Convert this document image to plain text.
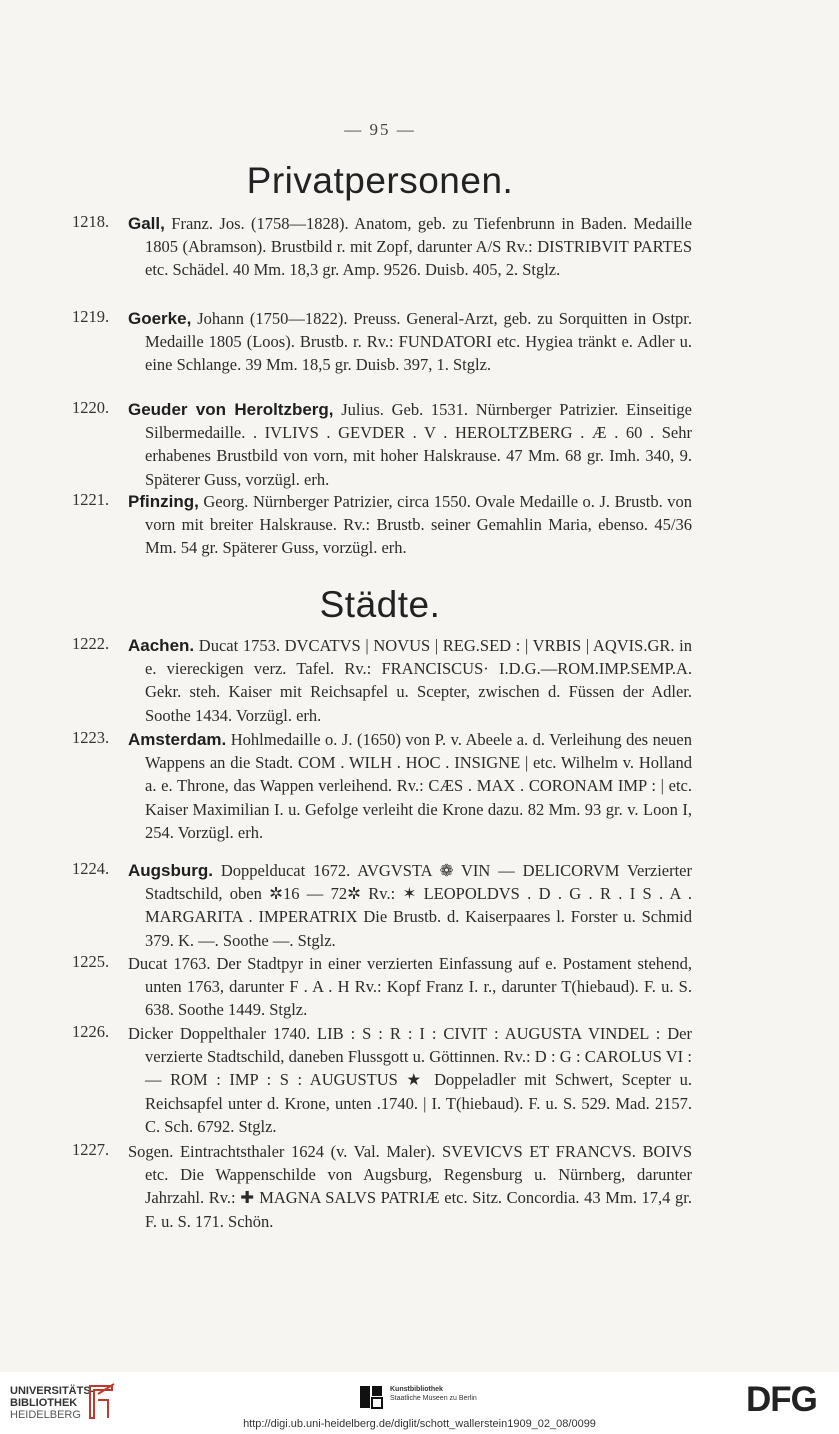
— 95 —
Privatpersonen.
1218.	Gall, Franz. Jos. (1758—1828). Anatom, geb. zu Tiefenbrunn in Baden. Medaille 1805 (Abramson). Brustbild r. mit Zopf, darunter A/S Rv.: DISTRIBVIT PARTES etc. Schädel. 40 Mm. 18,3 gr. Amp. 9526. Duisb. 405, 2. Stglz.
1219.	Goerke, Johann (1750—1822). Preuss. General-Arzt, geb. zu Sorquitten in Ostpr. Medaille 1805 (Loos). Brustb. r. Rv.: FUNDATORI etc. Hygiea tränkt e. Adler u. eine Schlange. 39 Mm. 18,5 gr. Duisb. 397, 1. Stglz.
1220.	Geuder von Heroltzberg, Julius. Geb. 1531. Nürnberger Patrizier. Einseitige Silbermedaille. . IVLIVS . GEVDER . V . HEROLTZBERG . Æ . 60 . Sehr erhabenes Brustbild von vorn, mit hoher Halskrause. 47 Mm. 68 gr. Imh. 340, 9. Späterer Guss, vorzügl. erh.
1221.	Pfinzing, Georg. Nürnberger Patrizier, circa 1550. Ovale Medaille o. J. Brustb. von vorn mit breiter Halskrause. Rv.: Brustb. seiner Gemahlin Maria, ebenso. 45/36 Mm. 54 gr. Späterer Guss, vorzügl. erh.
Städte.
1222.	Aachen. Ducat 1753. DVCATVS | NOVUS | REG.SED : | VRBIS | AQVIS.GR. in e. viereckigen verz. Tafel. Rv.: FRANCISCUS· I.D.G.—ROM.IMP.SEMP.A. Gekr. steh. Kaiser mit Reichsapfel u. Scepter, zwischen d. Füssen der Adler. Soothe 1434. Vorzügl. erh.
1223.	Amsterdam. Hohlmedaille o. J. (1650) von P. v. Abeele a. d. Verleihung des neuen Wappens an die Stadt. COM . WILH . HOC . INSIGNE | etc. Wilhelm v. Holland a. e. Throne, das Wappen verleihend. Rv.: CÆS . MAX . CORONAM IMP : | etc. Kaiser Maximilian I. u. Gefolge verleiht die Krone dazu. 82 Mm. 93 gr. v. Loon I, 254. Vorzügl. erh.
1224.	Augsburg. Doppelducat 1672. AVGVSTA ❁ VIN — DELICORVM Verzierter Stadtschild, oben ✲16 — 72✲ Rv.: ✶ LEOPOLDVS . D . G . R . I S . A . MARGARITA . IMPERATRIX Die Brustb. d. Kaiserpaares l. Forster u. Schmid 379. K. —. Soothe —. Stglz.
1225.	Ducat 1763. Der Stadtpyr in einer verzierten Einfassung auf e. Postament stehend, unten 1763, darunter F . A . H Rv.: Kopf Franz I. r., darunter T(hiebaud). F. u. S. 638. Soothe 1449. Stglz.
1226.	Dicker Doppelthaler 1740. LIB : S : R : I : CIVIT : AUGUSTA VINDEL : Der verzierte Stadtschild, daneben Flussgott u. Göttinnen. Rv.: D : G : CAROLUS VI : — ROM : IMP : S : AUGUSTUS ★ Doppeladler mit Schwert, Scepter u. Reichsapfel unter d. Krone, unten .1740. | I. T(hiebaud). F. u. S. 529. Mad. 2157. C. Sch. 6792. Stglz.
1227.	Sogen. Eintrachtsthaler 1624 (v. Val. Maler). SVEVICVS ET FRANCVS. BOIVS etc. Die Wappenschilde von Augsburg, Regensburg u. Nürnberg, darunter Jahrzahl. Rv.: ✚ MAGNA SALVS PATRIÆ etc. Sitz. Concordia. 43 Mm. 17,4 gr. F. u. S. 171. Schön.
UNIVERSITÄTS-
BIBLIOTHEK
HEIDELBERG
Kunstbibliothek
Staatliche Museen zu Berlin	DFG
http://digi.ub.uni-heidelberg.de/diglit/schott_wallerstein1909_02_08/0099
